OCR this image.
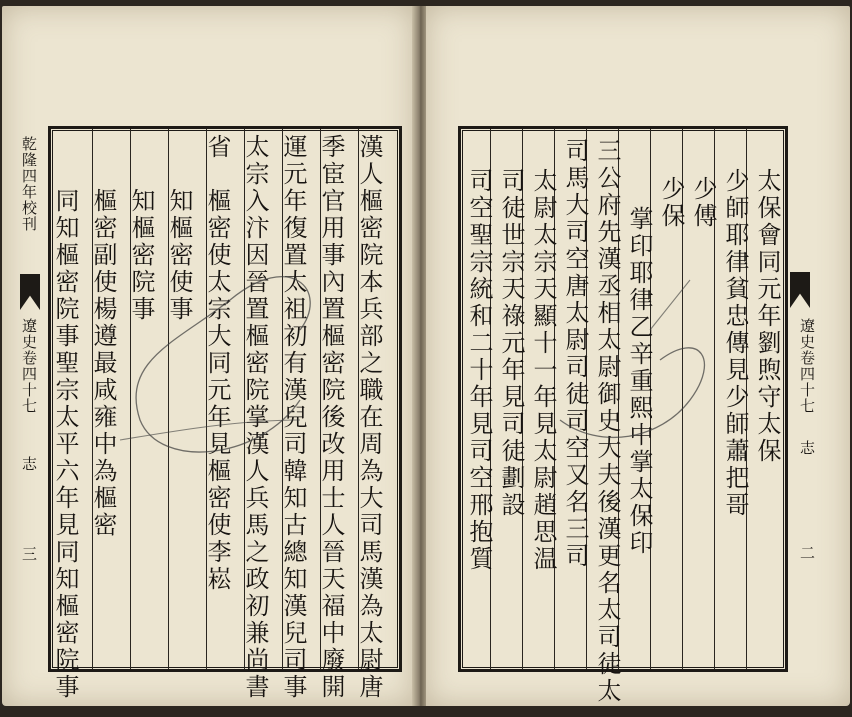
漢人樞密院本兵部之職在周為大司馬漢為太尉唐
季宦官用事內置樞密院後改用士人晉天福中廢開
運元年復置太祖初有漢兒司韓知古總知漢兒司事
太宗入汴因晉置樞密院掌漢人兵馬之政初兼尚書
省
樞密使太宗大同元年見樞密使李崧
知樞密使事
知樞密院事
樞密副使楊遵最咸雍中為樞密
同知樞密院事聖宗太平六年見同知樞密院事
乾隆四年校刊
遼史卷四十七
志
三
太保會同元年劉煦守太保
少師耶律貧忠傳見少師蕭把哥
少傅
少保
掌印耶律乙辛重熙中掌太保印
三公府先漢丞相太尉御史大夫後漢更名太司徒太
司馬大司空唐太尉司徒司空又名三司
太尉太宗天顯十一年見太尉趙思温
司徒世宗天祿元年見司徒劃設
司空聖宗統和二十年見司空邢抱質	遼史卷四十七
志
二
